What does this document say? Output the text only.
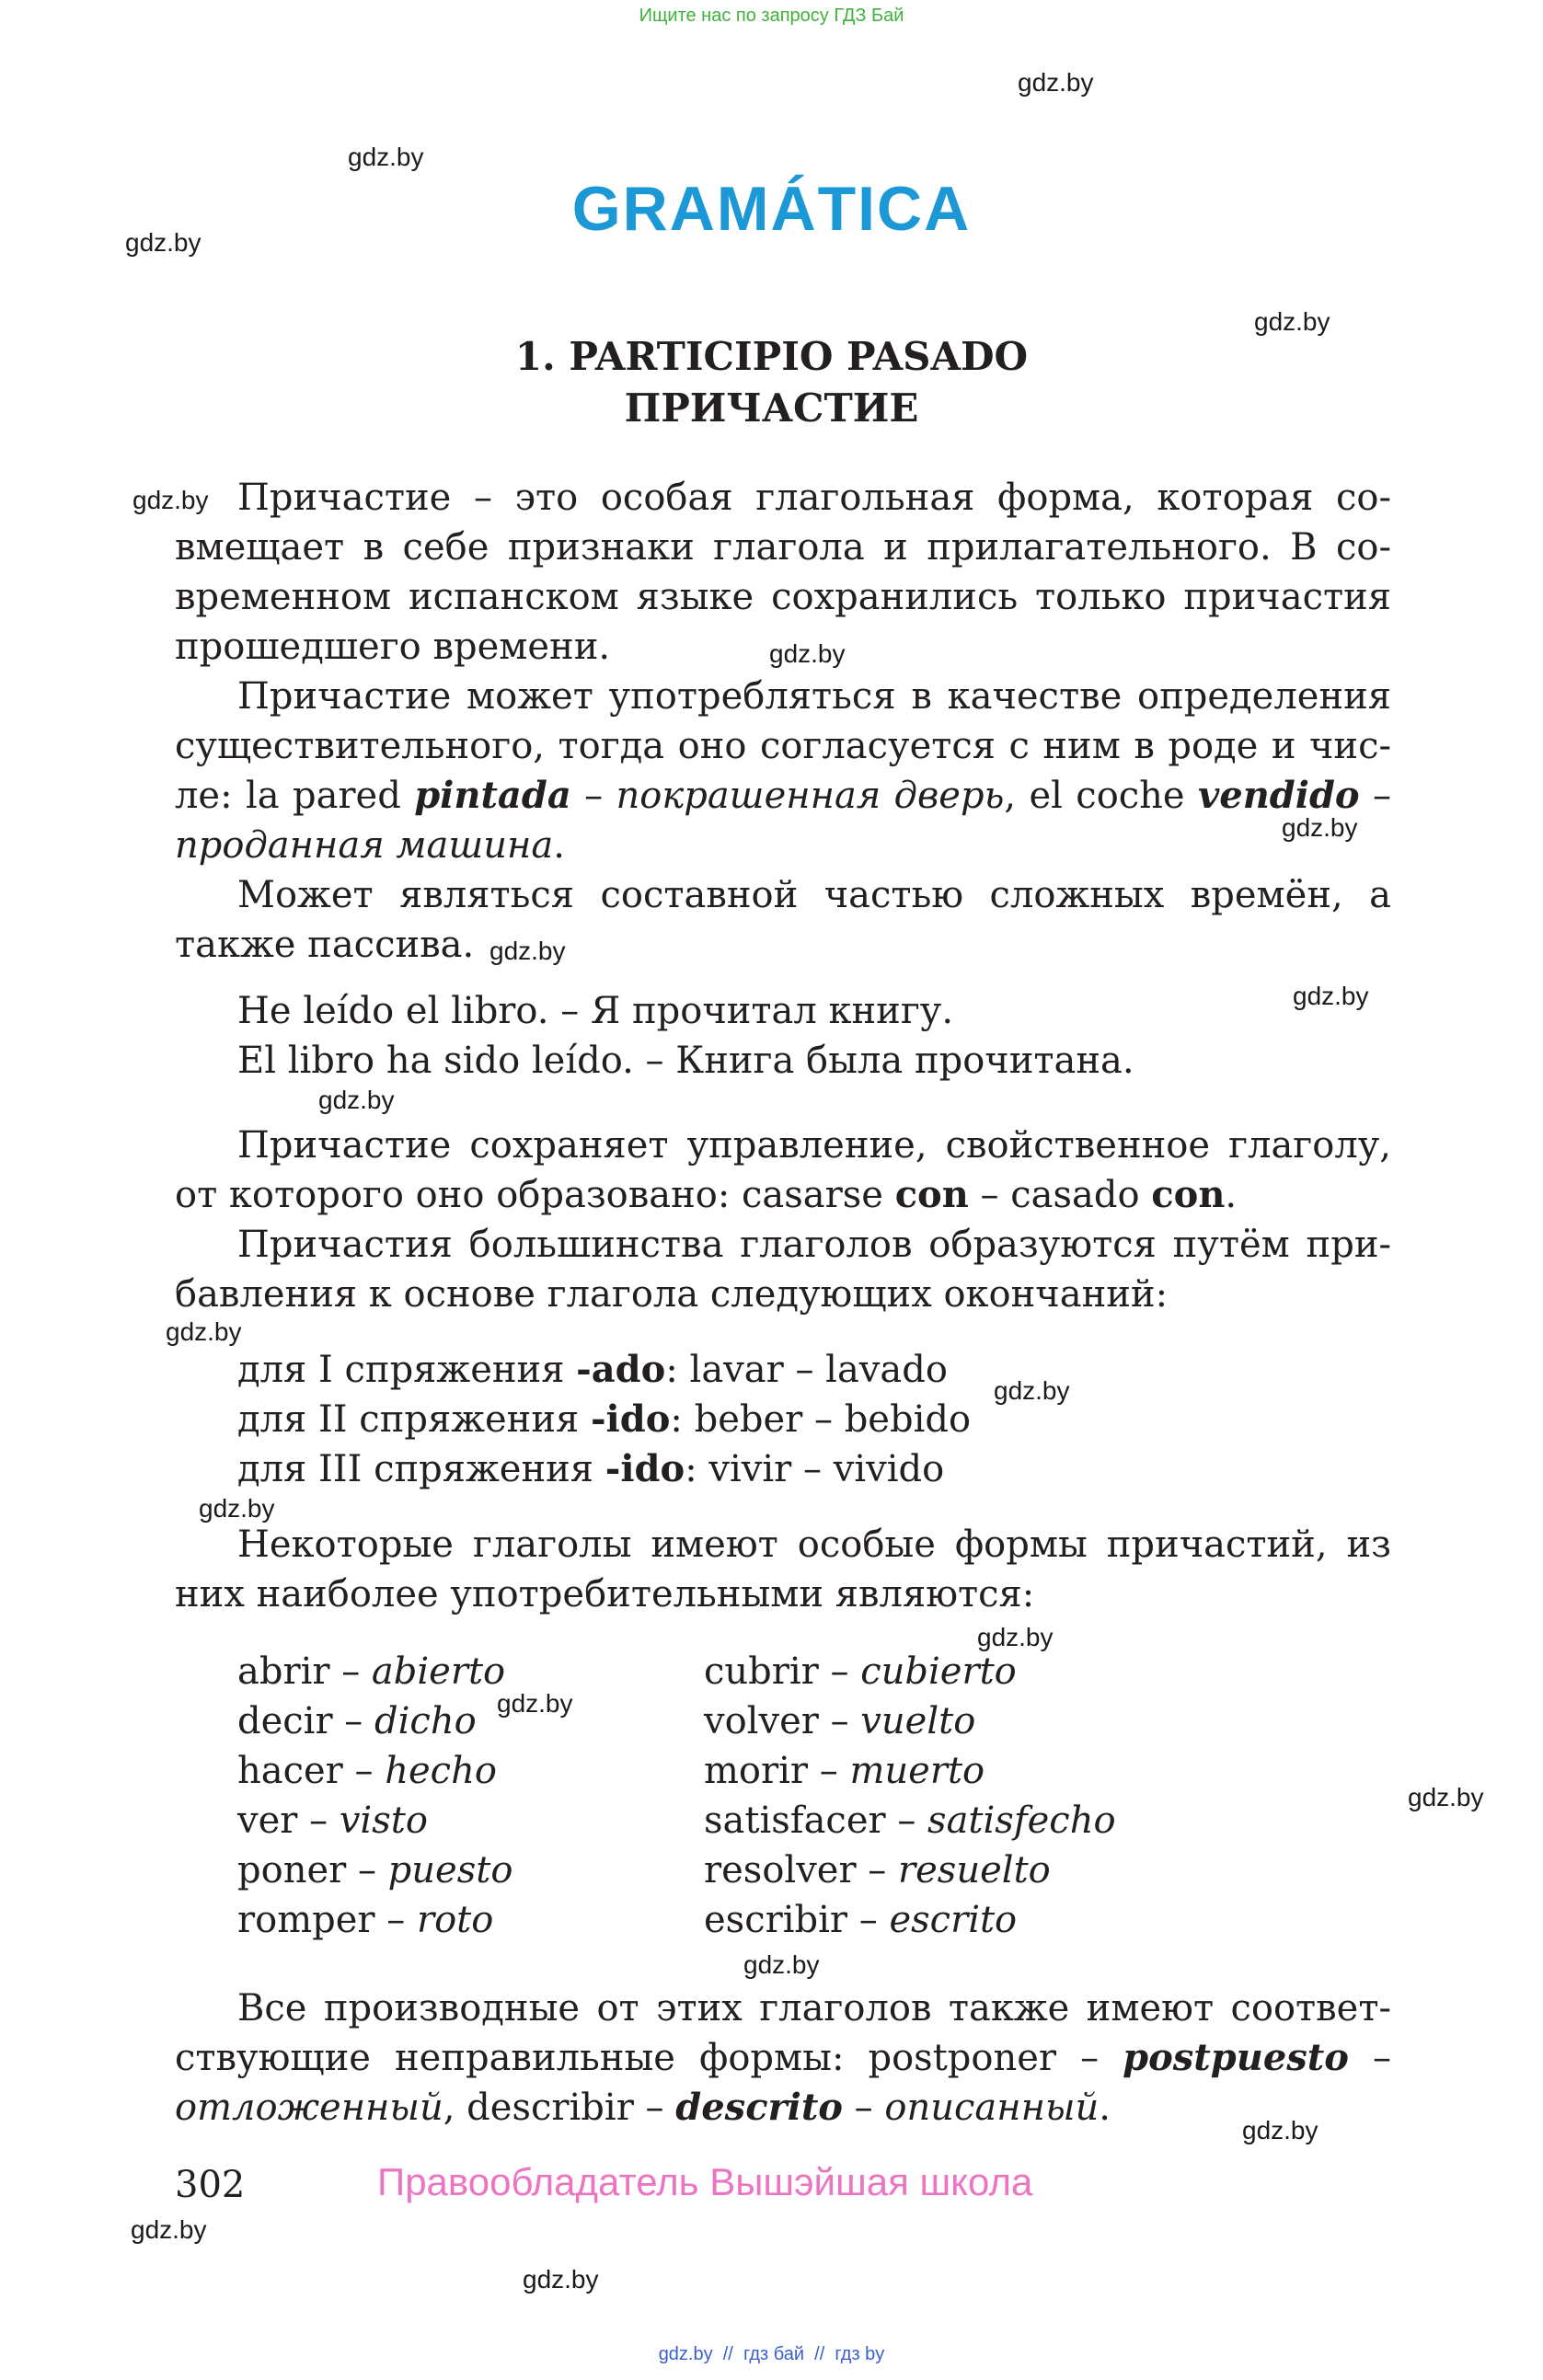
Ищите нас по запросу ГДЗ Бай
gdz.by
gdz.by
gdz.by
gdz.by
gdz.by
gdz.by
gdz.by
gdz.by
gdz.by
gdz.by
gdz.by
gdz.by
gdz.by
gdz.by
gdz.by
gdz.by
gdz.by
gdz.by
gdz.by
gdz.by
GRAMÁTICA
1. PARTICIPIO PASADO
ПРИЧАСТИЕ
Причастие – это особая глагольная форма, которая со-
вмещает в себе признаки глагола и прилагательного. В со-
временном испанском языке сохранились только причастия
прошедшего времени.
Причастие может употребляться в качестве определения
существительного, тогда оно согласуется с ним в роде и чис-
ле: la pared pintada – покрашенная дверь, el coche vendido –
проданная машина.
Может являться составной частью сложных времён, а
также пассива.
He leído el libro. – Я прочитал книгу.
El libro ha sido leído. – Книга была прочитана.
Причастие сохраняет управление, свойственное глаголу,
от которого оно образовано: casarse con – casado con.
Причастия большинства глаголов образуются путём при-
бавления к основе глагола следующих окончаний:
для I спряжения -ado: lavar – lavado
для II спряжения -ido: beber – bebido
для III спряжения -ido: vivir – vivido
Некоторые глаголы имеют особые формы причастий, из
них наиболее употребительными являются:
abrir – abierto
decir – dicho
hacer – hecho
ver – visto
poner – puesto
romper – roto
cubrir – cubierto
volver – vuelto
morir – muerto
satisfacer – satisfecho
resolver – resuelto
escribir – escrito
Все производные от этих глаголов также имеют соответ-
ствующие неправильные формы: postponer – postpuesto –
отложенный, describir – descrito – описанный.
302	Правообладатель Вышэйшая школа
gdz.by  //  гдз бай  //  гдз by
